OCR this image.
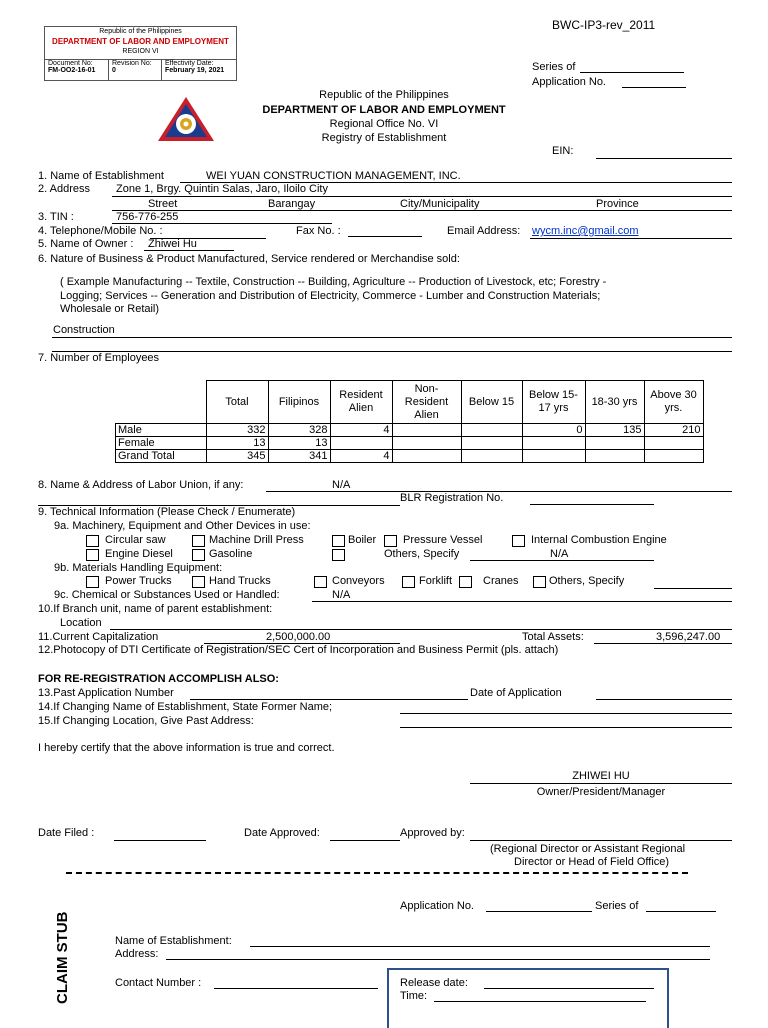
BWC-IP3-rev_2011
Republic of the Philippines
DEPARTMENT OF LABOR AND EMPLOYMENT
REGION VI
Document No:
FM-OO2-16-01
Revision No:
0
Effectivity Date:
February 19, 2021	Series of
Application No.
Republic of the Philippines
DEPARTMENT OF LABOR AND EMPLOYMENT
Regional Office No. VI
Registry of Establishment
EIN:
1. Name of Establishment	WEI YUAN CONSTRUCTION MANAGEMENT, INC.
2. Address Zone 1, Brgy. Quintin Salas, Jaro, Iloilo City
Street	Barangay	City/Municipality	Province
3. TIN :	756-776-255
4. Telephone/Mobile No. :	Fax No. :	Email Address: wycm.inc@gmail.com
5. Name of Owner : Zhiwei Hu
6. Nature of Business & Product Manufactured, Service rendered or Merchandise sold:
( Example Manufacturing -- Textile, Construction -- Building, Agriculture -- Production of Livestock, etc; Forestry -
Logging; Services -- Generation and Distribution of Electricity, Commerce - Lumber and Construction Materials;
Wholesale or Retail)
Construction
7. Number of Employees
	Total	Filipinos	Resident Alien	Non-Resident Alien	Below 15	Below 15-17 yrs	18-30 yrs	Above 30 yrs.
Male	332	328	4			0	135	210
Female	13	13						
Grand Total	345	341	4					
8. Name & Address of Labor Union, if any:	N/A
BLR Registration No.
9. Technical Information (Please Check / Enumerate)
9a. Machinery, Equipment and Other Devices in use:
Circular saw	Machine Drill Press	Boiler Pressure Vessel	Internal Combustion Engine
Engine Diesel	Gasoline	Others, Specify	N/A
9b. Materials Handling Equipment:
Power Trucks	Hand Trucks	Conveyors	Forklift	Cranes	Others, Specify
9c. Chemical or Substances Used or Handled:	N/A
10.If Branch unit, name of parent establishment:
Location
11.Current Capitalization	2,500,000.00	Total Assets:	3,596,247.00
12.Photocopy of DTI Certificate of Registration/SEC Cert of Incorporation and Business Permit (pls. attach)
FOR RE-REGISTRATION ACCOMPLISH ALSO:
13.Past Application Number	Date of Application
14.If Changing Name of Establishment, State Former Name;
15.If Changing Location, Give Past Address:
I hereby certify that the above information is true and correct.
ZHIWEI HU
Owner/President/Manager
Date Filed :	Date Approved:	Approved by:
(Regional Director or Assistant Regional
Director or Head of Field Office)
CLAIM STUB
Application No.	Series of
Name of Establishment:
Address:
Contact Number :	Release date:
Time:
